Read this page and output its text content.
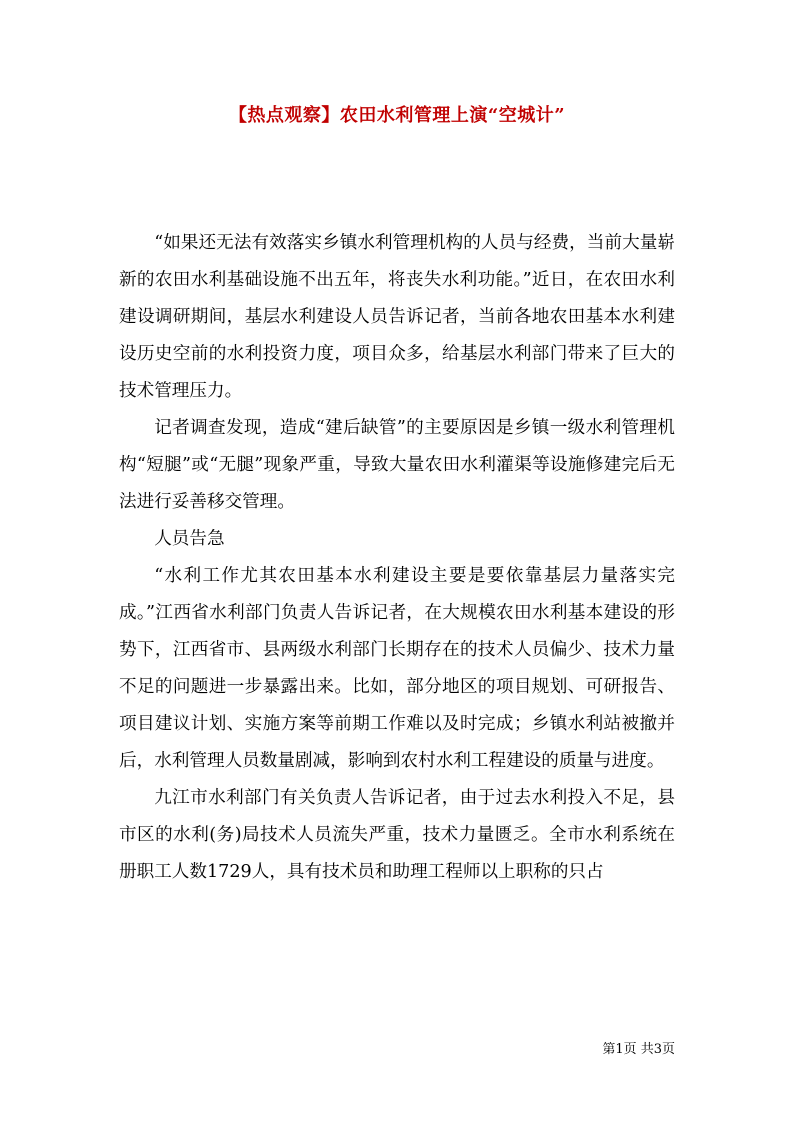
【热点观察】农田水利管理上演“空城计”

“如果还无法有效落实乡镇水利管理机构的人员与经费，当前大量崭新的农田水利基础设施不出五年，将丧失水利功能。”近日，在农田水利建设调研期间，基层水利建设人员告诉记者，当前各地农田基本水利建设历史空前的水利投资力度，项目众多，给基层水利部门带来了巨大的技术管理压力。

记者调查发现，造成“建后缺管”的主要原因是乡镇一级水利管理机构“短腿”或“无腿”现象严重，导致大量农田水利灌渠等设施修建完后无法进行妥善移交管理。

人员告急

“水利工作尤其农田基本水利建设主要是要依靠基层力量落实完成。”江西省水利部门负责人告诉记者，在大规模农田水利基本建设的形势下，江西省市、县两级水利部门长期存在的技术人员偏少、技术力量不足的问题进一步暴露出来。比如，部分地区的项目规划、可研报告、项目建议计划、实施方案等前期工作难以及时完成；乡镇水利站被撤并后，水利管理人员数量剧减，影响到农村水利工程建设的质量与进度。

九江市水利部门有关负责人告诉记者，由于过去水利投入不足，县市区的水利(务)局技术人员流失严重，技术力量匮乏。全市水利系统在册职工人数1729人，具有技术员和助理工程师以上职称的只占

第1页 共3页
